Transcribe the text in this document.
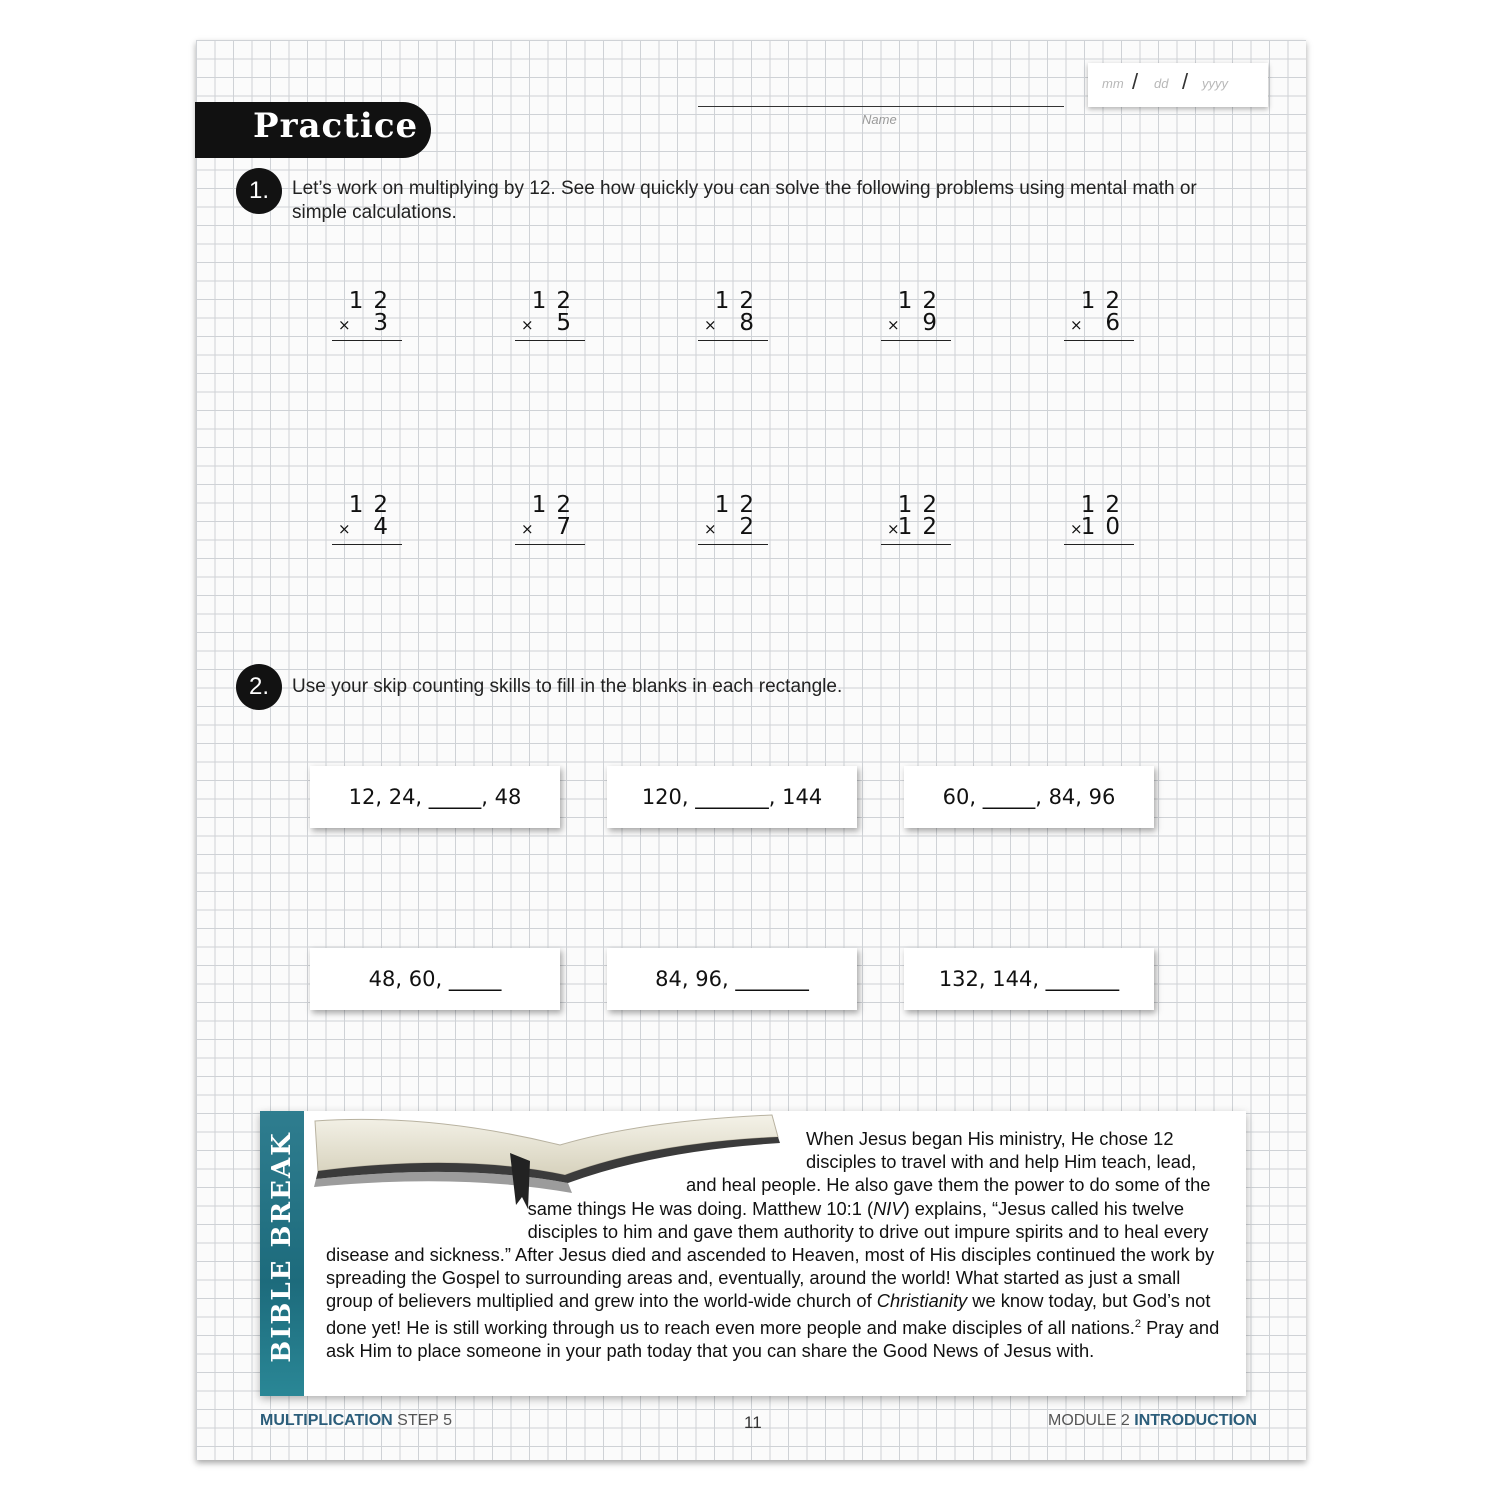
Practice	Name
mm / dd / yyyy
1.	Let’s work on multiplying by 12. See how quickly you can solve the following problems using mental math or simple calculations.
12
× 3
12
× 5
12
× 8
12
× 9
12
× 6
12
× 4
12
× 7
12
× 2
12
×
12
12
×
10
2.	Use your skip counting skills to fill in the blanks in each rectangle.
12, 24, _____, 48	120, _______, 144	60, _____, 84, 96
48, 60, _____	84, 96, _______	132, 144, _______
BIBLE BREAK	When Jesus began His ministry, He chose 12 disciples to travel with and help Him teach, lead, and heal people. He also gave them the power to do some of the same things He was doing. Matthew 10:1 (NIV) explains, “Jesus called his twelve disciples to him and gave them authority to drive out impure spirits and to heal every disease and sickness.” After Jesus died and ascended to Heaven, most of His disciples continued the work by spreading the Gospel to surrounding areas and, eventually, around the world! What started as just a small group of believers multiplied and grew into the world-wide church of Christianity we know today, but God’s not done yet! He is still working through us to reach even more people and make disciples of all nations.$^2$ Pray and ask Him to place someone in your path today that you can share the Good News of Jesus with.
MULTIPLICATION STEP 5	11	MODULE 2 INTRODUCTION
